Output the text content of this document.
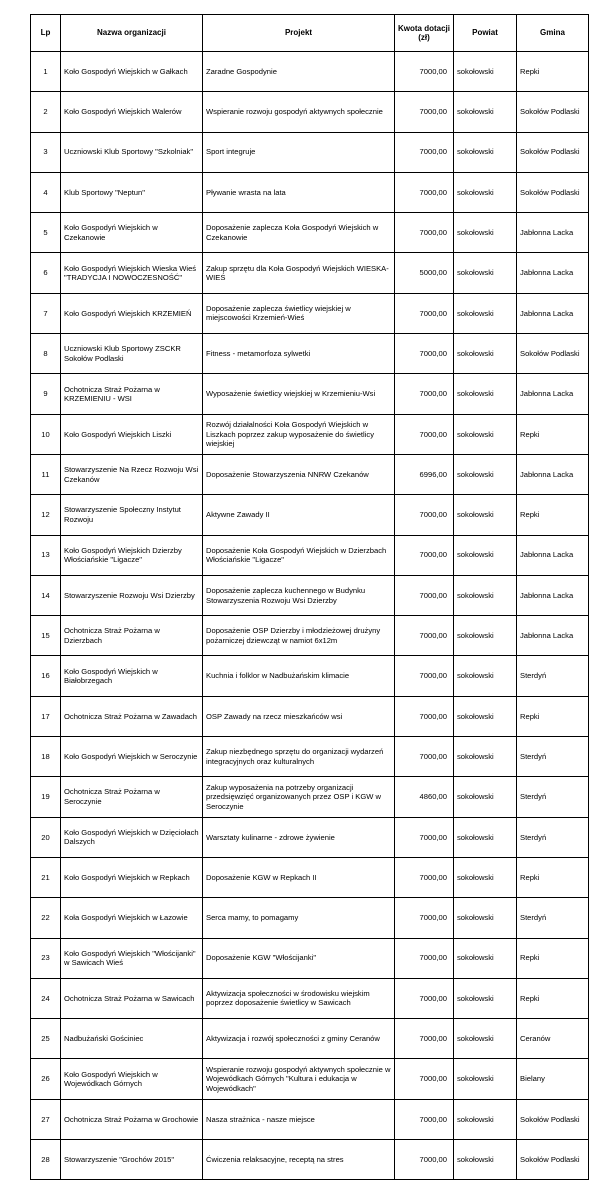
Lp	Nazwa organizacji	Projekt	Kwota dotacji (zł)	Powiat	Gmina
1	Koło Gospodyń Wiejskich w Gałkach	Zaradne Gospodynie	7000,00	sokołowski	Repki
2	Koło Gospodyń Wiejskich Walerów	Wspieranie rozwoju gospodyń aktywnych społecznie	7000,00	sokołowski	Sokołów Podlaski
3	Uczniowski Klub Sportowy "Szkolniak"	Sport integruje	7000,00	sokołowski	Sokołów Podlaski
4	Klub Sportowy "Neptun"	Pływanie wrasta na lata	7000,00	sokołowski	Sokołów Podlaski
5	Koło Gospodyń Wiejskich w Czekanowie	Doposażenie zaplecza Koła Gospodyń Wiejskich w Czekanowie	7000,00	sokołowski	Jabłonna Lacka
6	Koło Gospodyń Wiejskich Wieska Wieś "TRADYCJA I NOWOCZESNOŚĆ"	Zakup sprzętu dla Koła Gospodyń Wiejskich WIESKA- WIEŚ	5000,00	sokołowski	Jabłonna Lacka
7	Koło Gospodyń Wiejskich KRZEMIEŃ	Doposażenie zaplecza świetlicy wiejskiej w miejscowości Krzemień-Wieś	7000,00	sokołowski	Jabłonna Lacka
8	Uczniowski Klub Sportowy ZSCKR Sokołów Podlaski	Fitness - metamorfoza sylwetki	7000,00	sokołowski	Sokołów Podlaski
9	Ochotnicza Straż Pożarna w KRZEMIENIU - WSI	Wyposażenie świetlicy wiejskiej w Krzemieniu-Wsi	7000,00	sokołowski	Jabłonna Lacka
10	Koło Gospodyń Wiejskich Liszki	Rozwój działalności Koła Gospodyń Wiejskich w Liszkach poprzez zakup wyposażenie do świetlicy wiejskiej	7000,00	sokołowski	Repki
11	Stowarzyszenie Na Rzecz Rozwoju Wsi Czekanów	Doposażenie Stowarzyszenia NNRW Czekanów	6996,00	sokołowski	Jabłonna Lacka
12	Stowarzyszenie Społeczny Instytut Rozwoju	Aktywne Zawady II	7000,00	sokołowski	Repki
13	Koło Gospodyń Wiejskich Dzierzby Włościańskie "Ligacze"	Doposażenie Koła Gospodyń Wiejskich w Dzierzbach Włościańskie "Ligacze"	7000,00	sokołowski	Jabłonna Lacka
14	Stowarzyszenie Rozwoju Wsi Dzierzby	Doposażenie zaplecza kuchennego w Budynku Stowarzyszenia Rozwoju Wsi Dzierzby	7000,00	sokołowski	Jabłonna Lacka
15	Ochotnicza Straż Pożarna w Dzierzbach	Doposażenie OSP Dzierzby i młodzieżowej drużyny pożarniczej dziewcząt w namiot 6x12m	7000,00	sokołowski	Jabłonna Lacka
16	Koło Gospodyń Wiejskich w Białobrzegach	Kuchnia i folklor w Nadbużańskim klimacie	7000,00	sokołowski	Sterdyń
17	Ochotnicza Straż Pożarna w Zawadach	OSP Zawady na rzecz mieszkańców wsi	7000,00	sokołowski	Repki
18	Koło Gospodyń Wiejskich w Seroczynie	Zakup niezbędnego sprzętu do organizacji wydarzeń integracyjnych oraz kulturalnych	7000,00	sokołowski	Sterdyń
19	Ochotnicza Straż Pożarna w Seroczynie	Zakup wyposażenia na potrzeby organizacji przedsięwzięć organizowanych przez OSP i KGW w Seroczynie	4860,00	sokołowski	Sterdyń
20	Koło Gospodyń Wiejskich w Dzięciołach Dalszych	Warsztaty kulinarne - zdrowe żywienie	7000,00	sokołowski	Sterdyń
21	Koło Gospodyń Wiejskich w Repkach	Doposażenie KGW w Repkach II	7000,00	sokołowski	Repki
22	Koła Gospodyń Wiejskich w Łazowie	Serca mamy, to pomagamy	7000,00	sokołowski	Sterdyń
23	Koło Gospodyń Wiejskich "Włościjanki" w Sawicach Wieś	Doposażenie KGW "Włościjanki"	7000,00	sokołowski	Repki
24	Ochotnicza Straż Pożarna w Sawicach	Aktywizacja społeczności w środowisku wiejskim poprzez doposażenie świetlicy w Sawicach	7000,00	sokołowski	Repki
25	Nadbużański Gościniec	Aktywizacja i rozwój społeczności z gminy Ceranów	7000,00	sokołowski	Ceranów
26	Koło Gospodyń Wiejskich w Wojewódkach Górnych	Wspieranie rozwoju gospodyń aktywnych społecznie w Wojewódkach Górnych "Kultura i edukacja w Wojewódkach"	7000,00	sokołowski	Bielany
27	Ochotnicza Straż Pożarna w Grochowie	Nasza strażnica - nasze miejsce	7000,00	sokołowski	Sokołów Podlaski
28	Stowarzyszenie "Grochów 2015"	Ćwiczenia relaksacyjne, receptą na stres	7000,00	sokołowski	Sokołów Podlaski
